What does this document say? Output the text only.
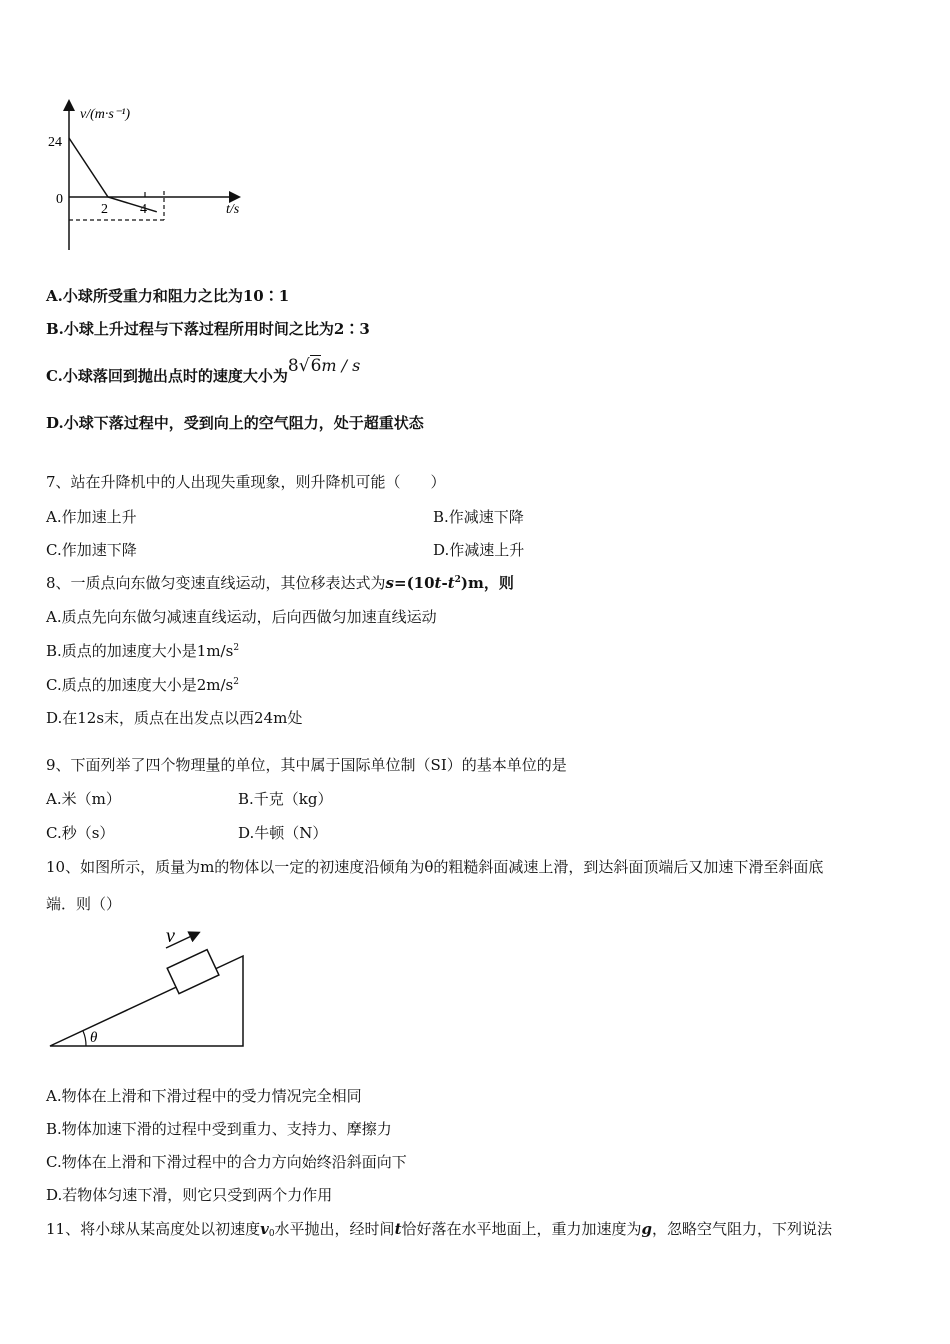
v/(m·s⁻¹)
t/s
24
0
2 4
A.小球所受重力和阻力之比为10∶1
B.小球上升过程与下落过程所用时间之比为2∶3
C.小球落回到抛出点时的速度大小为8√6m / s
D.小球下落过程中，受到向上的空气阻力，处于超重状态
7、站在升降机中的人出现失重现象，则升降机可能（　　）
A.作加速上升	B.作减速下降
C.作加速下降	D.作减速上升
8、一质点向东做匀变速直线运动，其位移表达式为$s=(10t-t^2)m$，则
A.质点先向东做匀减速直线运动，后向西做匀加速直线运动
B.质点的加速度大小是$1m/s^2$
C.质点的加速度大小是$2m/s^2$
D.在12s末，质点在出发点以西24m处
9、下面列举了四个物理量的单位，其中属于国际单位制（SI）的基本单位的是
A.米（m）	B.千克（kg）
C.秒（s）	D.牛顿（N）
10、如图所示，质量为m的物体以一定的初速度沿倾角为θ的粗糙斜面减速上滑，到达斜面顶端后又加速下滑至斜面底
端．则（）
v
θ
A.物体在上滑和下滑过程中的受力情况完全相同
B.物体加速下滑的过程中受到重力、支持力、摩擦力
C.物体在上滑和下滑过程中的合力方向始终沿斜面向下
D.若物体匀速下滑，则它只受到两个力作用
11、将小球从某高度处以初速度$v_0$水平抛出，经时间t恰好落在水平地面上，重力加速度为g，忽略空气阻力，下列说法
